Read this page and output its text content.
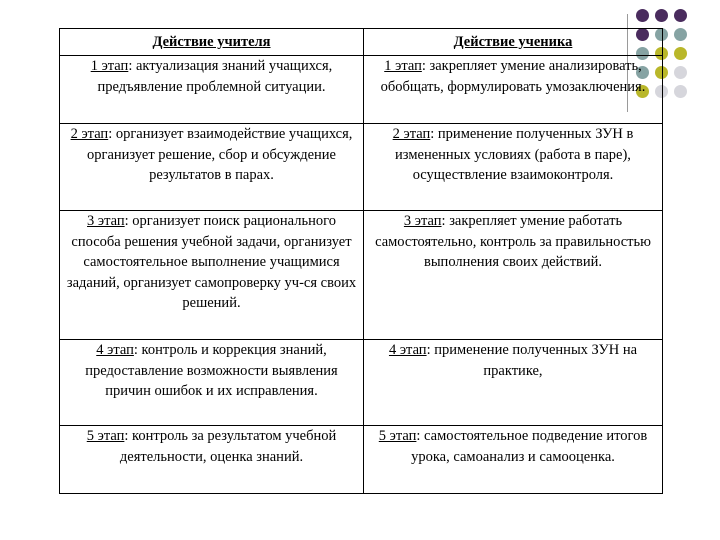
Действие учителя	Действие ученика
1 этап: актуализация знаний учащихся, предъявление проблемной ситуации.	1 этап: закрепляет умение анализировать, обобщать, формулировать умозаключения.
2 этап: организует взаимодействие учащихся, организует решение, сбор и обсуждение результатов в парах.	2 этап: применение полученных ЗУН в измененных условиях (работа в паре), осуществление взаимоконтроля.
3 этап: организует поиск рационального способа решения учебной задачи, организует самостоятельное выполнение учащимися заданий, организует самопроверку уч-ся своих решений.	3 этап: закрепляет умение работать самостоятельно, контроль за правильностью выполнения своих действий.
4 этап: контроль и коррекция знаний, предоставление возможности выявления причин ошибок и их исправления.	4 этап: применение полученных ЗУН на практике,
5 этап: контроль за результатом учебной деятельности, оценка знаний.	5 этап: самостоятельное подведение итогов урока, самоанализ и самооценка.
